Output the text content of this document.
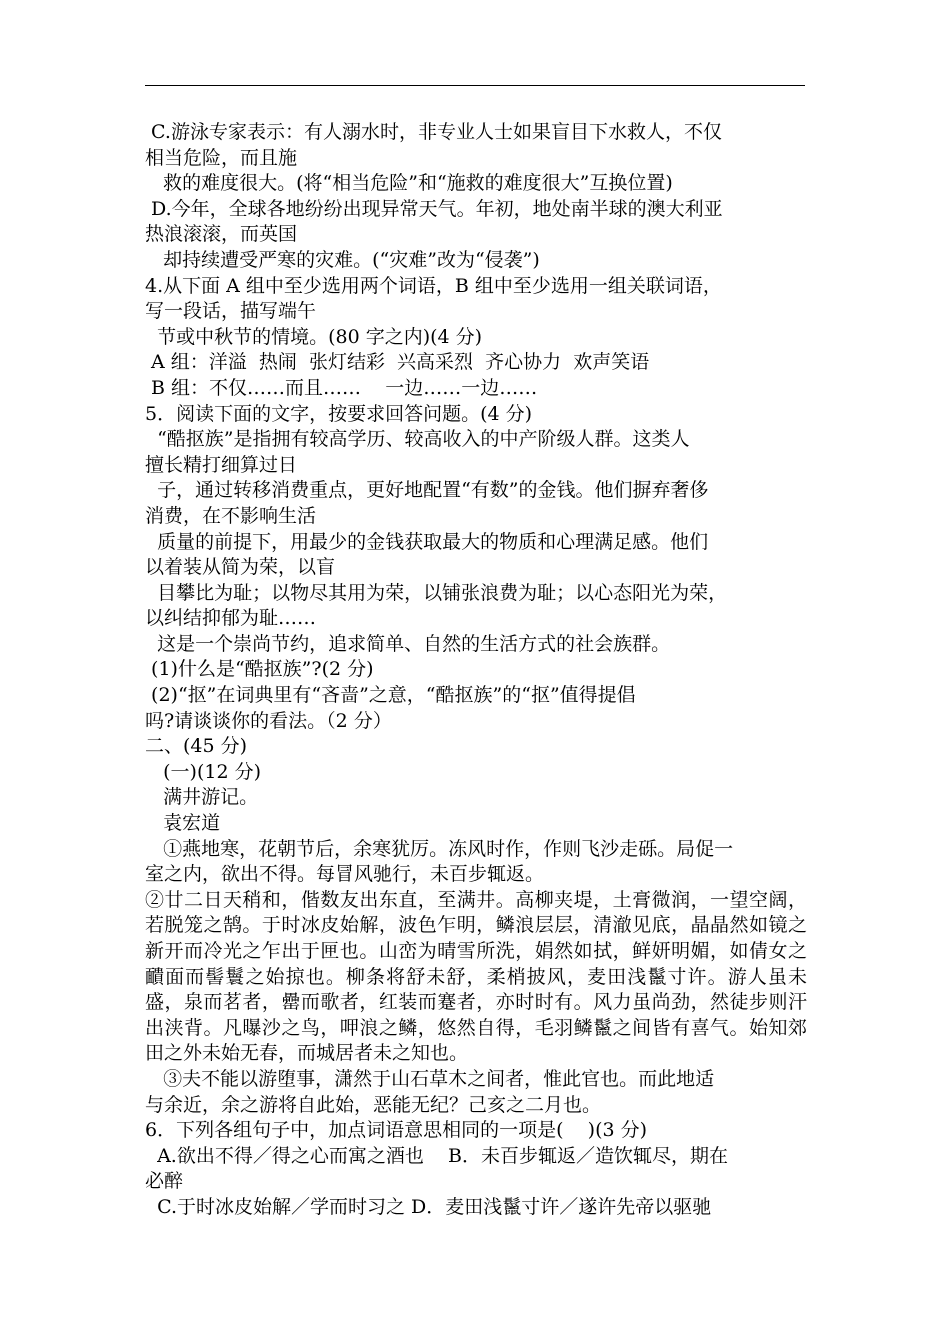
C.游泳专家表示：有人溺水时，非专业人士如果盲目下水救人，不仅
相当危险，而且施
救的难度很大。(将“相当危险”和“施救的难度很大”互换位置)
D.今年，全球各地纷纷出现异常天气。年初，地处南半球的澳大利亚
热浪滚滚，而英国
却持续遭受严寒的灾难。(“灾难”改为“侵袭”)
4.从下面 A 组中至少选用两个词语，B 组中至少选用一组关联词语，
写一段话，描写端午
节或中秋节的情境。(80 字之内)(4 分)
A 组：洋溢  热闹  张灯结彩  兴高采烈  齐心协力  欢声笑语
B 组：不仅……而且……    一边……一边……
5．阅读下面的文字，按要求回答问题。(4 分)
“酷抠族”是指拥有较高学历、较高收入的中产阶级人群。这类人
擅长精打细算过日
子，通过转移消费重点，更好地配置“有数”的金钱。他们摒弃奢侈
消费，在不影响生活
质量的前提下，用最少的金钱获取最大的物质和心理满足感。他们
以着装从简为荣，以盲
目攀比为耻；以物尽其用为荣，以铺张浪费为耻；以心态阳光为荣，
以纠结抑郁为耻……
这是一个崇尚节约，追求简单、自然的生活方式的社会族群。
(1)什么是“酷抠族”?(2 分)
(2)“抠”在词典里有“吝啬”之意，“酷抠族”的“抠”值得提倡
吗?请谈谈你的看法。（2 分）
二、(45 分)
(一)(12 分)
满井游记。
袁宏道
①燕地寒，花朝节后，余寒犹厉。冻风时作，作则飞沙走砾。局促一
室之内，欲出不得。每冒风驰行，未百步辄返。
②廿二日天稍和，偕数友出东直，至满井。高柳夹堤，土膏微润，一望空阔，若脱笼之鹄。于时冰皮始解，波色乍明，鳞浪层层，清澈见底，晶晶然如镜之新开而冷光之乍出于匣也。山峦为晴雪所洗，娟然如拭，鲜妍明媚，如倩女之靧面而髻鬟之始掠也。柳条将舒未舒，柔梢披风，麦田浅鬣寸许。游人虽未盛，泉而茗者，罍而歌者，红装而蹇者，亦时时有。风力虽尚劲，然徒步则汗出浃背。凡曝沙之鸟，呷浪之鳞，悠然自得，毛羽鳞鬣之间皆有喜气。始知郊田之外未始无春，而城居者未之知也。
③夫不能以游堕事，潇然于山石草木之间者，惟此官也。而此地适
与余近，余之游将自此始，恶能无纪？己亥之二月也。
6．下列各组句子中，加点词语意思相同的一项是(    )(3 分)
A.欲出不得／得之心而寓之酒也    B．未百步辄返／造饮辄尽，期在
必醉
C.于时冰皮始解／学而时习之 D．麦田浅鬣寸许／遂许先帝以驱驰
